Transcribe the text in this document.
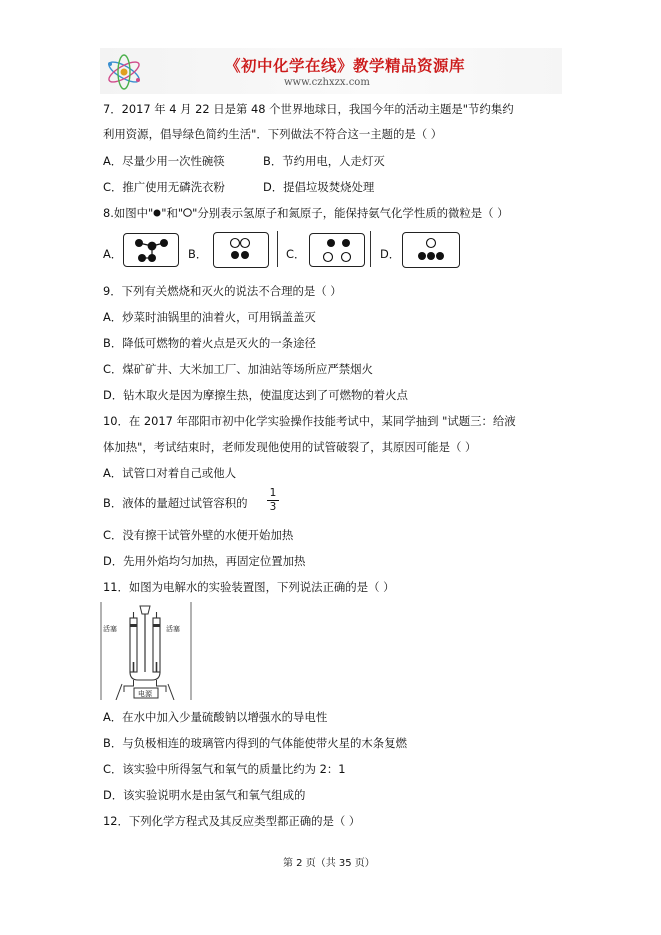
《初中化学在线》教学精品资源库
www.czhxzx.com
7．2017 年 4 月 22 日是第 48 个世界地球日，我国今年的活动主题是"节约集约
利用资源，倡导绿色简约生活"．下列做法不符合这一主题的是（ ）
A．尽量少用一次性碗筷	B．节约用电，人走灯灭
C．推广使用无磷洗衣粉	D．提倡垃圾焚烧处理
8.如图中" "和" "分别表示氢原子和氮原子，能保持氨气化学性质的微粒是（ ）
A．	B．	C．	D．
9．下列有关燃烧和灭火的说法不合理的是（ ）
A．炒菜时油锅里的油着火，可用锅盖盖灭
B．降低可燃物的着火点是灭火的一条途径
C．煤矿矿井、大米加工厂、加油站等场所应严禁烟火
D．钻木取火是因为摩擦生热，使温度达到了可燃物的着火点
10．在 2017 年邵阳市初中化学实验操作技能考试中，某同学抽到 "试题三：给液
体加热"，考试结束时，老师发现他使用的试管破裂了，其原因可能是（ ）
A．试管口对着自己或他人
B．液体的量超过试管容积的
1
3
C．没有擦干试管外壁的水便开始加热
D．先用外焰均匀加热，再固定位置加热
11．如图为电解水的实验装置图，下列说法正确的是（ ）
活塞	活塞
电源
A．在水中加入少量硫酸钠以增强水的导电性
B．与负极相连的玻璃管内得到的气体能使带火星的木条复燃
C．该实验中所得氢气和氧气的质量比约为 2：1
D．该实验说明水是由氢气和氧气组成的
12．下列化学方程式及其反应类型都正确的是（ ）
第 2 页（共 35 页）
